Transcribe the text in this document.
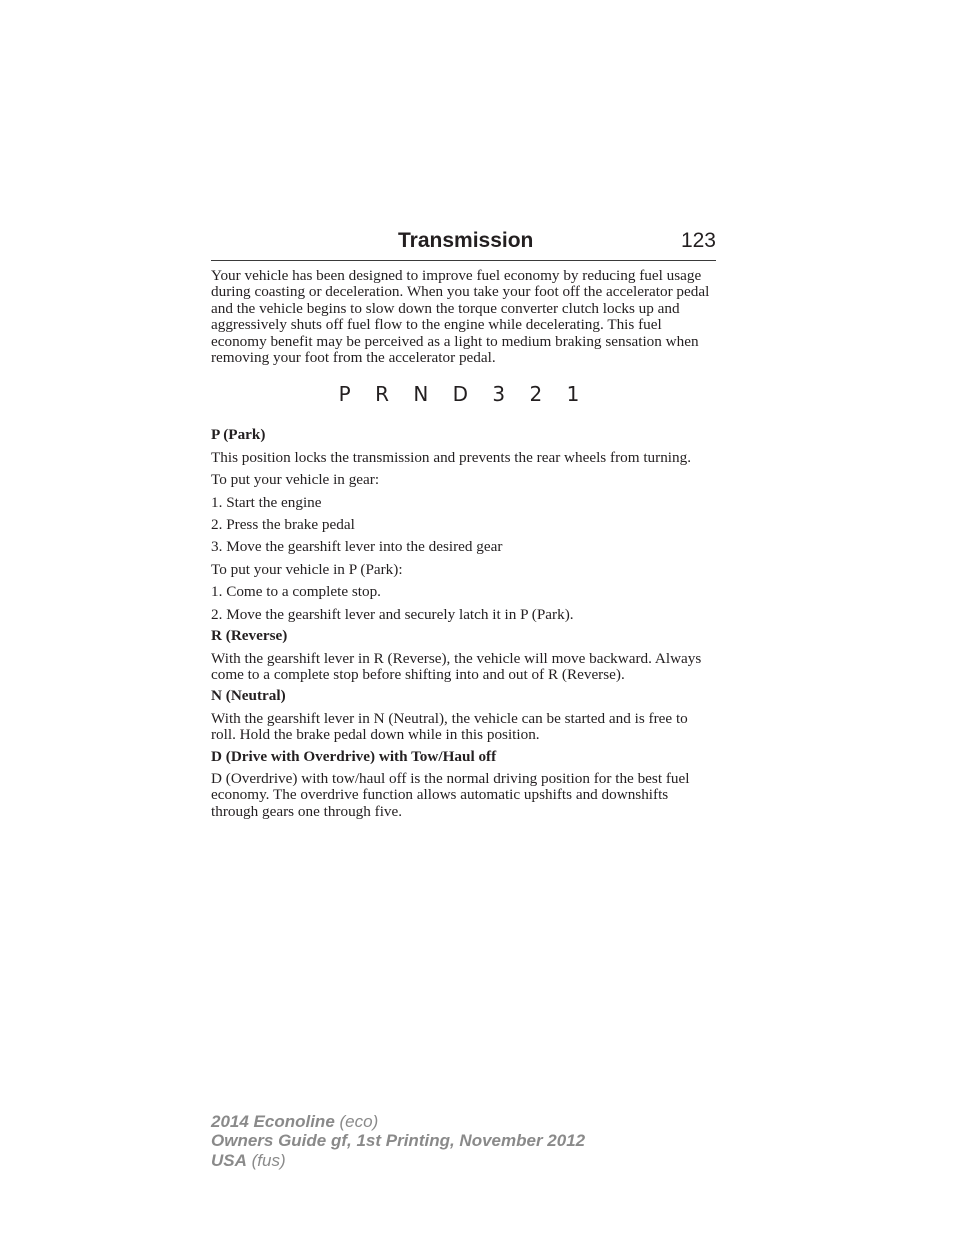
Transmission	123

Your vehicle has been designed to improve fuel economy by reducing fuel usage during coasting or deceleration. When you take your foot off the accelerator pedal and the vehicle begins to slow down the torque converter clutch locks up and aggressively shuts off fuel flow to the engine while decelerating. This fuel economy benefit may be perceived as a light to medium braking sensation when removing your foot from the accelerator pedal.

P R N D 3 2 1

P (Park)

This position locks the transmission and prevents the rear wheels from turning.

To put your vehicle in gear:

1. Start the engine

2. Press the brake pedal

3. Move the gearshift lever into the desired gear

To put your vehicle in P (Park):

1. Come to a complete stop.

2. Move the gearshift lever and securely latch it in P (Park).

R (Reverse)

With the gearshift lever in R (Reverse), the vehicle will move backward. Always come to a complete stop before shifting into and out of R (Reverse).

N (Neutral)

With the gearshift lever in N (Neutral), the vehicle can be started and is free to roll. Hold the brake pedal down while in this position.

D (Drive with Overdrive) with Tow/Haul off

D (Overdrive) with tow/haul off is the normal driving position for the best fuel economy. The overdrive function allows automatic upshifts and downshifts through gears one through five.

2014 Econoline (eco)
Owners Guide gf, 1st Printing, November 2012
USA (fus)
